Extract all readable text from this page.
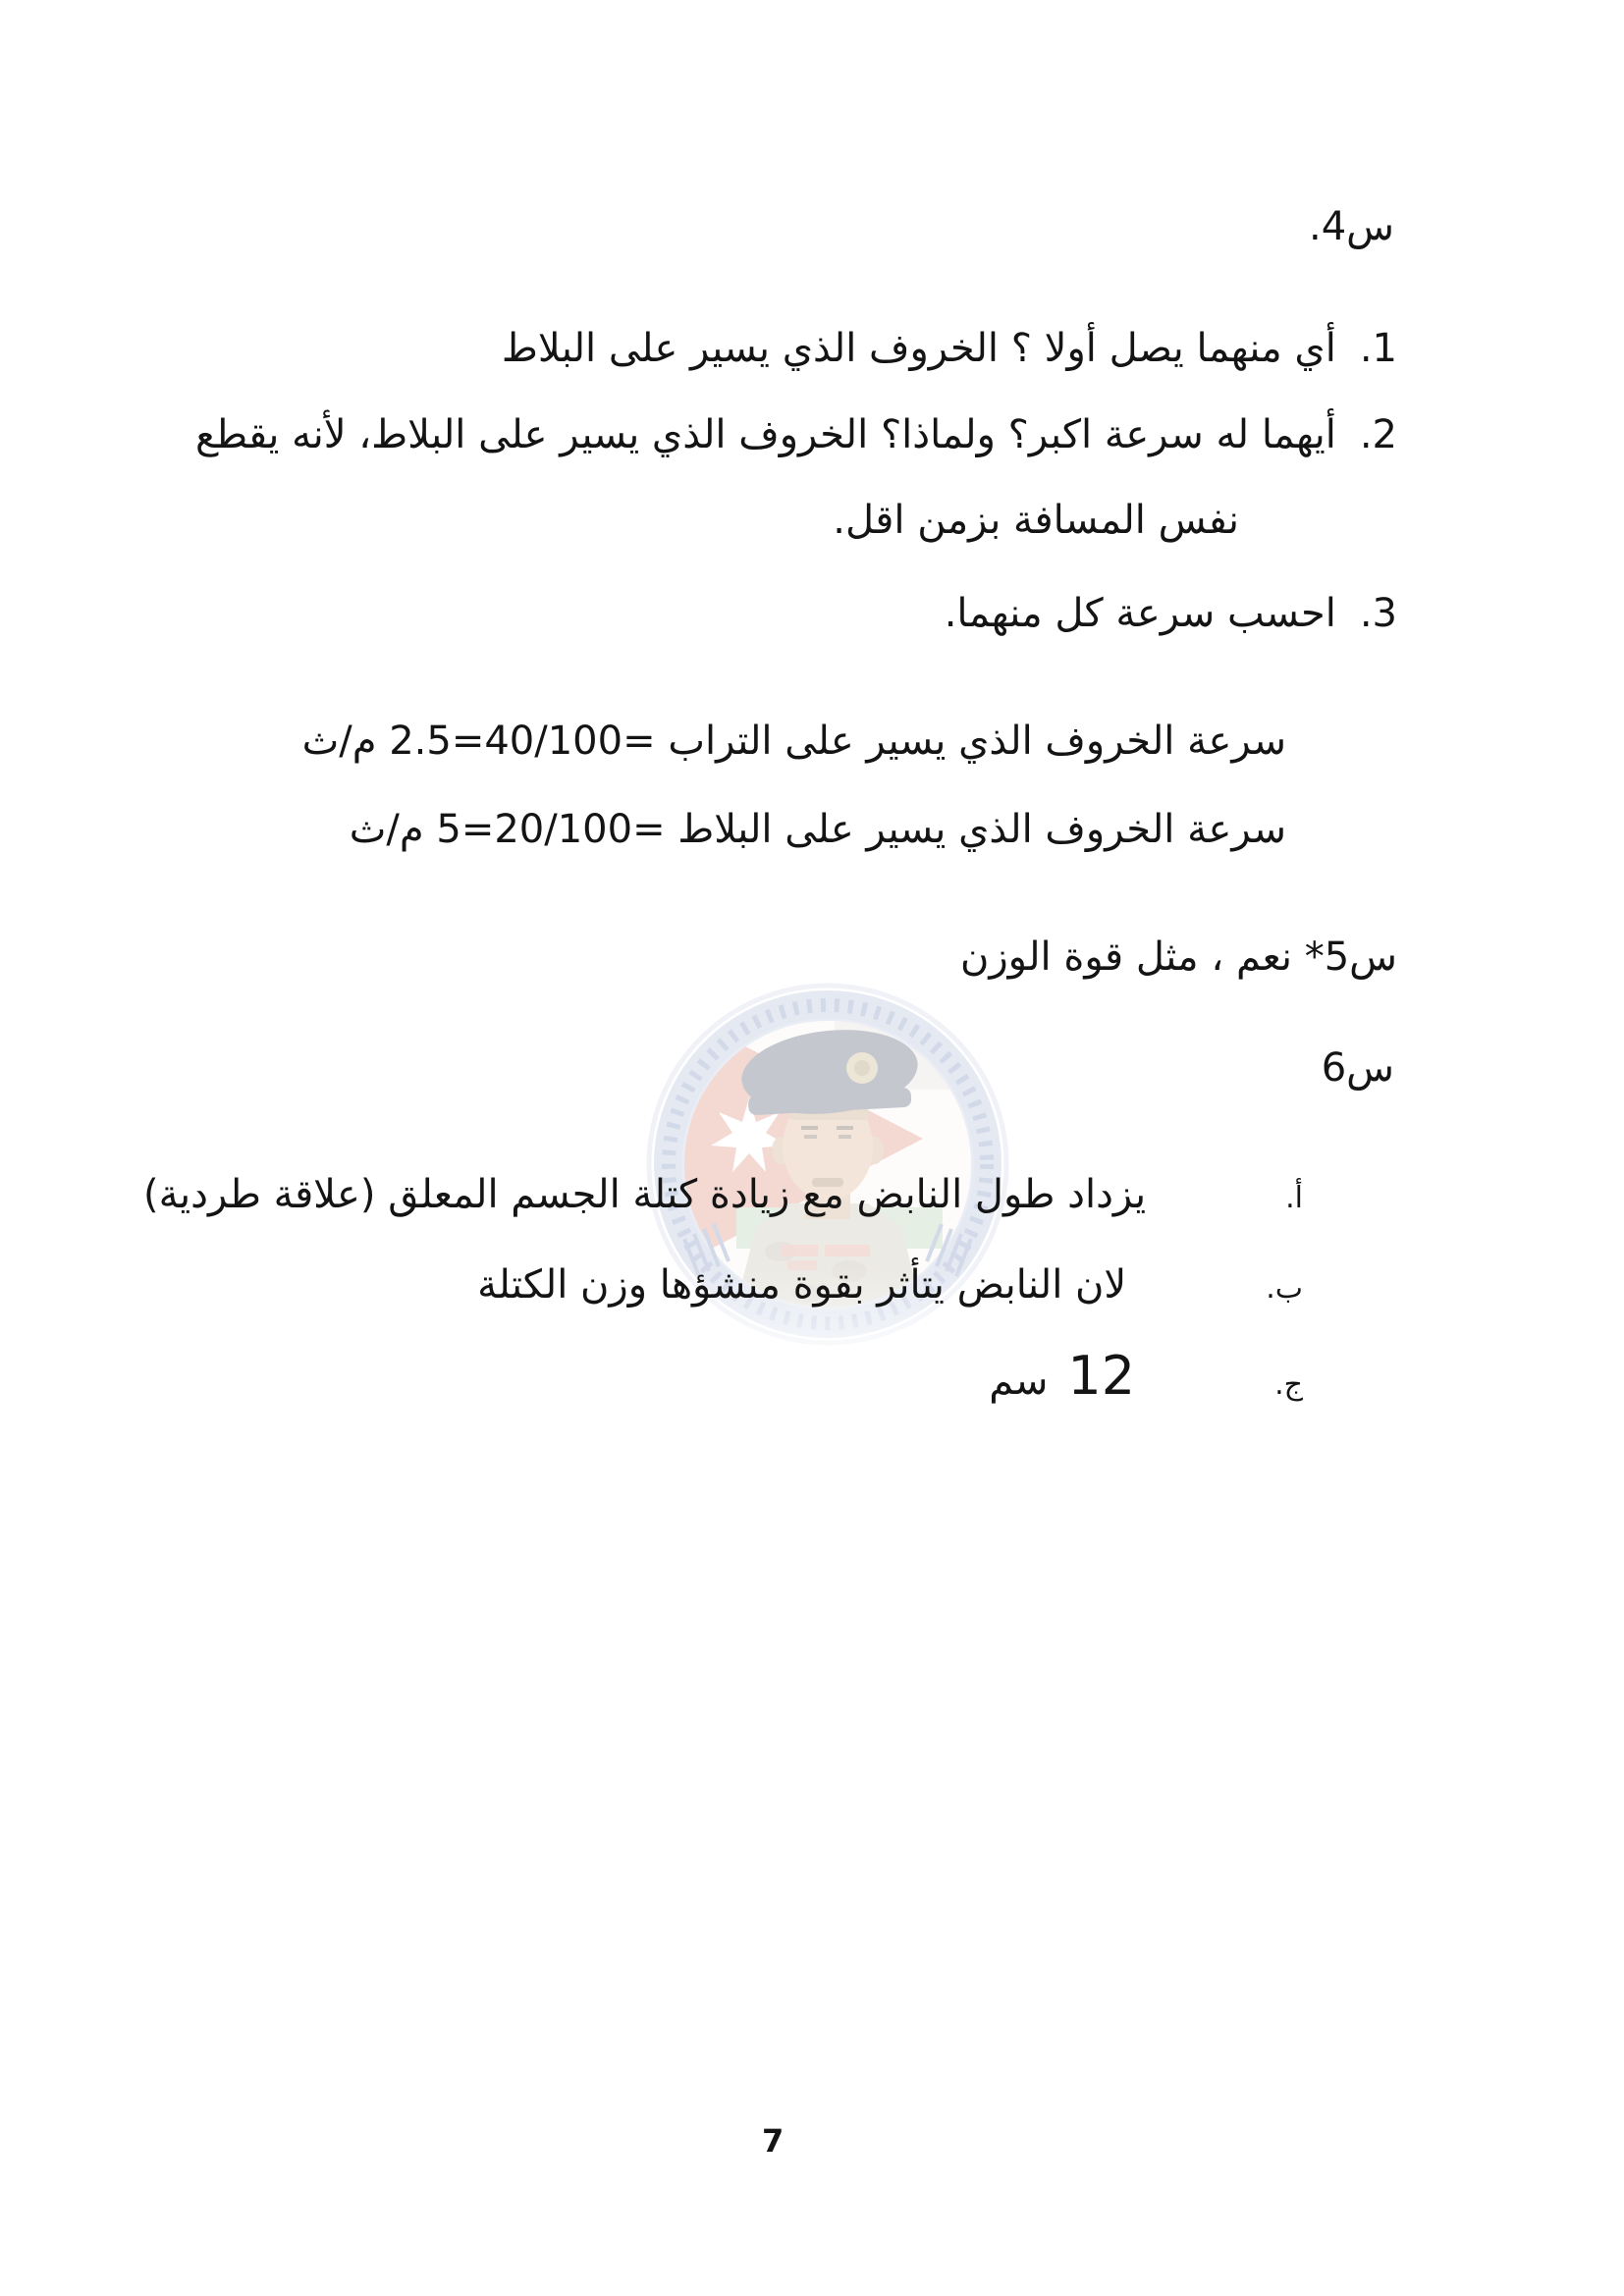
س4.
1.أي منهما يصل أولا ؟ الخروف الذي يسير على البلاط
2.أيهما له سرعة اكبر؟ ولماذا؟ الخروف الذي يسير على البلاط، لأنه يقطع
نفس المسافة بزمن اقل.
3.احسب سرعة كل منهما.
سرعة الخروف الذي يسير على التراب =40/100=2.5 م/ث
سرعة الخروف الذي يسير على البلاط =20/100=5 م/ث
س5* نعم ، مثل قوة الوزن
س6
أ.يزداد طول النابض مع زيادة كتلة الجسم المعلق (علاقة طردية)
ب.لان النابض يتأثر بقوة منشؤها وزن الكتلة
ج.12سم
7
